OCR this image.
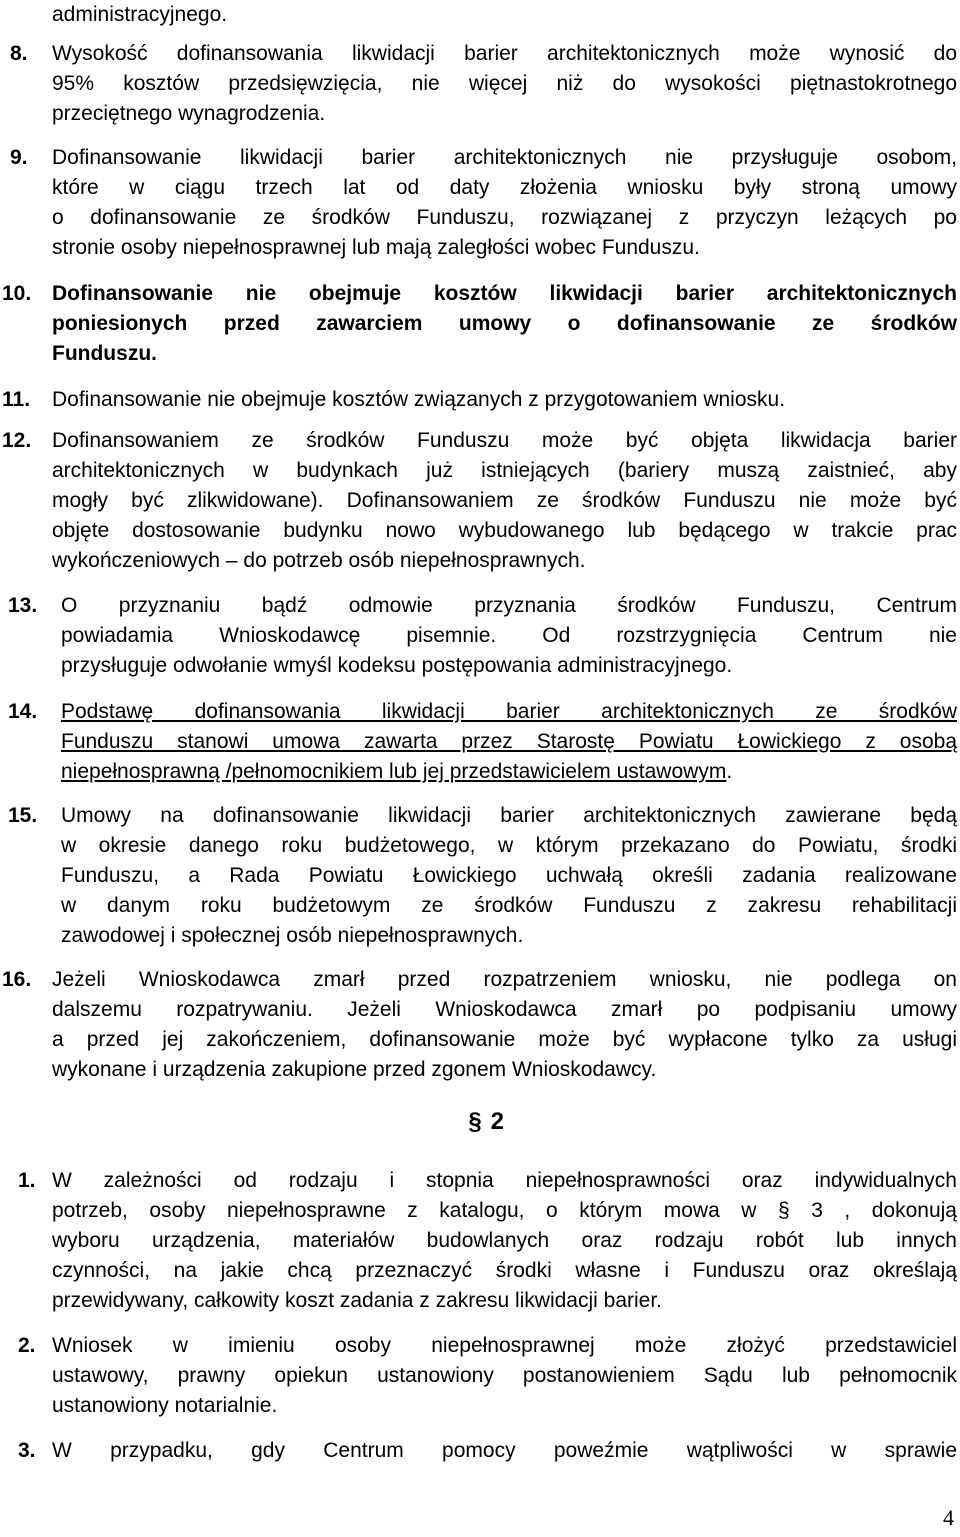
administracyjnego.
8. Wysokość dofinansowania likwidacji barier architektonicznych może wynosić do
95% kosztów przedsięwzięcia, nie więcej niż do wysokości piętnastokrotnego
przeciętnego wynagrodzenia.
9. Dofinansowanie likwidacji barier architektonicznych nie przysługuje osobom,
które w ciągu trzech lat od daty złożenia wniosku były stroną umowy
o dofinansowanie ze środków Funduszu, rozwiązanej z przyczyn leżących po
stronie osoby niepełnosprawnej lub mają zaległości wobec Funduszu.
10. Dofinansowanie nie obejmuje kosztów likwidacji barier architektonicznych
poniesionych przed zawarciem umowy o dofinansowanie ze środków
Funduszu.
11. Dofinansowanie nie obejmuje kosztów związanych z przygotowaniem wniosku.
12. Dofinansowaniem ze środków Funduszu może być objęta likwidacja barier
architektonicznych w budynkach już istniejących (bariery muszą zaistnieć, aby
mogły być zlikwidowane). Dofinansowaniem ze środków Funduszu nie może być
objęte dostosowanie budynku nowo wybudowanego lub będącego w trakcie prac
wykończeniowych – do potrzeb osób niepełnosprawnych.
13. O przyznaniu bądź odmowie przyznania środków Funduszu, Centrum
powiadamia Wnioskodawcę pisemnie. Od rozstrzygnięcia Centrum nie
przysługuje odwołanie wmyśl kodeksu postępowania administracyjnego.
14. Podstawę dofinansowania likwidacji barier architektonicznych ze środków
Funduszu stanowi umowa zawarta przez Starostę Powiatu Łowickiego z osobą
niepełnosprawną /pełnomocnikiem lub jej przedstawicielem ustawowym.
15. Umowy na dofinansowanie likwidacji barier architektonicznych zawierane będą
w okresie danego roku budżetowego, w którym przekazano do Powiatu, środki
Funduszu, a Rada Powiatu Łowickiego uchwałą określi zadania realizowane
w danym roku budżetowym ze środków Funduszu z zakresu rehabilitacji
zawodowej i społecznej osób niepełnosprawnych.
16. Jeżeli Wnioskodawca zmarł przed rozpatrzeniem wniosku, nie podlega on
dalszemu rozpatrywaniu. Jeżeli Wnioskodawca zmarł po podpisaniu umowy
a przed jej zakończeniem, dofinansowanie może być wypłacone tylko za usługi
wykonane i urządzenia zakupione przed zgonem Wnioskodawcy.
§ 2
1. W zależności od rodzaju i stopnia niepełnosprawności oraz indywidualnych
potrzeb, osoby niepełnosprawne z katalogu, o którym mowa w § 3 , dokonują
wyboru urządzenia, materiałów budowlanych oraz rodzaju robót lub innych
czynności, na jakie chcą przeznaczyć środki własne i Funduszu oraz określają
przewidywany, całkowity koszt zadania z zakresu likwidacji barier.
2. Wniosek w imieniu osoby niepełnosprawnej może złożyć przedstawiciel
ustawowy, prawny opiekun ustanowiony postanowieniem Sądu lub pełnomocnik
ustanowiony notarialnie.
3. W przypadku, gdy Centrum pomocy poweźmie wątpliwości w sprawie
4
